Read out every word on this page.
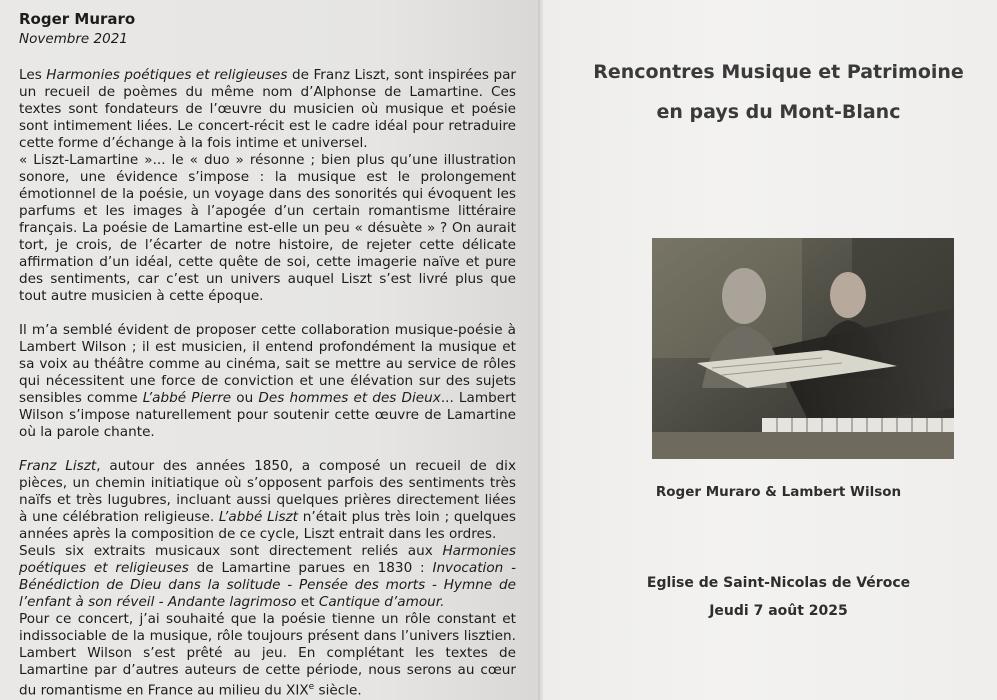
Roger Muraro

Novembre 2021

Les Harmonies poétiques et religieuses de Franz Liszt, sont inspirées par un recueil de poèmes du même nom d’Alphonse de Lamartine. Ces textes sont fondateurs de l’œuvre du musicien où musique et poésie sont intimement liées. Le concert-récit est le cadre idéal pour retraduire cette forme d’échange à la fois intime et universel.

« Liszt-Lamartine »... le « duo » résonne ; bien plus qu’une illustration sonore, une évidence s’impose : la musique est le prolongement émotionnel de la poésie, un voyage dans des sonorités qui évoquent les parfums et les images à l’apogée d’un certain romantisme littéraire français. La poésie de Lamartine est-elle un peu « désuète » ? On aurait tort, je crois, de l’écarter de notre histoire, de rejeter cette délicate affirmation d’un idéal, cette quête de soi, cette imagerie naïve et pure des sentiments, car c’est un univers auquel Liszt s’est livré plus que tout autre musicien à cette époque.

Il m’a semblé évident de proposer cette collaboration musique-poésie à Lambert Wilson ; il est musicien, il entend profondément la musique et sa voix au théâtre comme au cinéma, sait se mettre au service de rôles qui nécessitent une force de conviction et une élévation sur des sujets sensibles comme L’abbé Pierre ou Des hommes et des Dieux... Lambert Wilson s’impose naturellement pour soutenir cette œuvre de Lamartine où la parole chante.

Franz Liszt, autour des années 1850, a composé un recueil de dix pièces, un chemin initiatique où s’opposent parfois des sentiments très naïfs et très lugubres, incluant aussi quelques prières directement liées à une célébration religieuse. L’abbé Liszt n’était plus très loin ; quelques années après la composition de ce cycle, Liszt entrait dans les ordres.

Seuls six extraits musicaux sont directement reliés aux Harmonies poétiques et religieuses de Lamartine parues en 1830 : Invocation - Bénédiction de Dieu dans la solitude - Pensée des morts - Hymne de l’enfant à son réveil - Andante lagrimoso et Cantique d’amour.

Pour ce concert, j’ai souhaité que la poésie tienne un rôle constant et indissociable de la musique, rôle toujours présent dans l’univers lisztien. Lambert Wilson s’est prêté au jeu. En complétant les textes de Lamartine par d’autres auteurs de cette période, nous serons au cœur du romantisme en France au milieu du XIXe siècle.

Rencontres Musique et Patrimoine
en pays du Mont-Blanc
Roger Muraro & Lambert Wilson
Eglise de Saint-Nicolas de Véroce
Jeudi 7 août 2025
